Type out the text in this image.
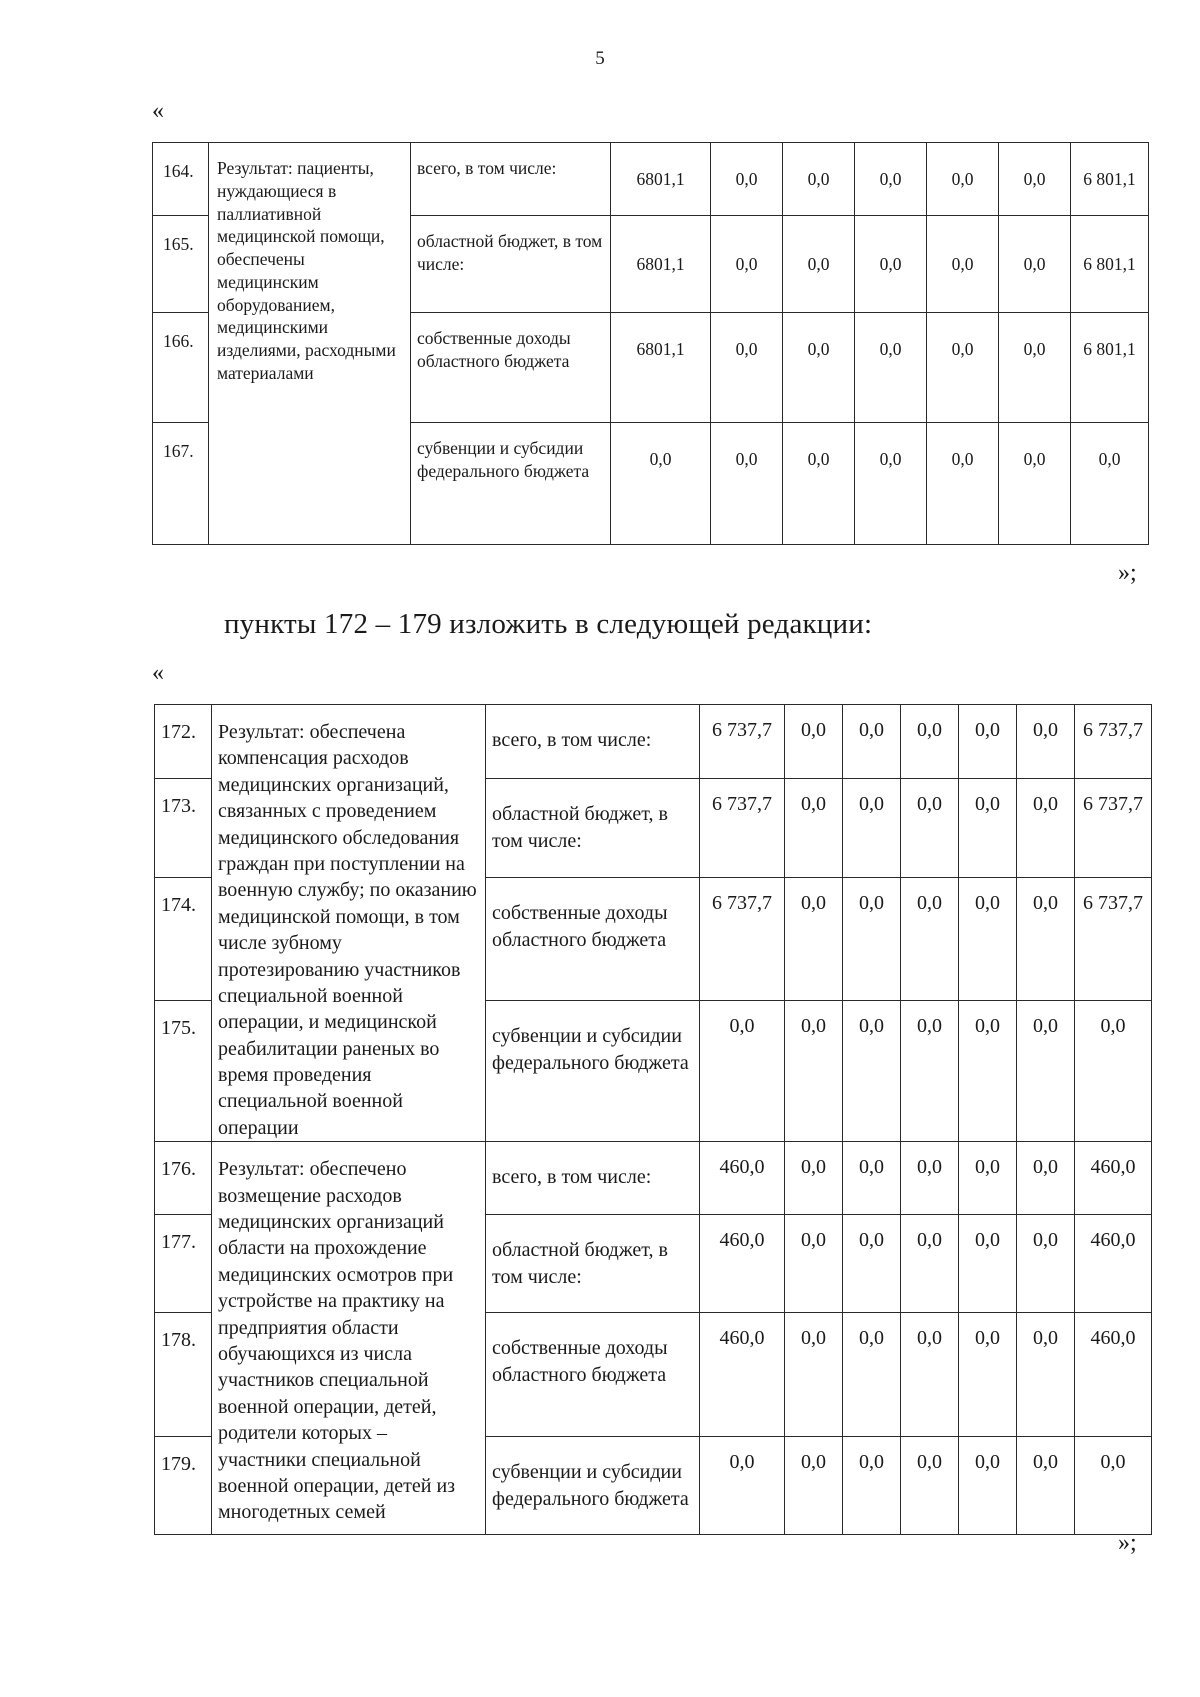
5
«
164.	Результат: пациенты, нуждающиеся в паллиативной медицинской помощи, обеспечены медицинским оборудованием, медицинскими изделиями, расходными материалами	всего, в том числе:	6801,1	0,0	0,0	0,0	0,0	0,0	6 801,1
165.		областной бюджет, в том числе:	6801,1	0,0	0,0	0,0	0,0	0,0	6 801,1
166.		собственные доходы областного бюджета	6801,1	0,0	0,0	0,0	0,0	0,0	6 801,1
167.		субвенции и субсидии федерального бюджета	0,0	0,0	0,0	0,0	0,0	0,0	0,0
»;
пункты 172 – 179 изложить в следующей редакции:
«
172.	Результат: обеспечена компенсация расходов медицинских организаций, связанных с проведением медицинского обследования граждан при поступлении на военную службу; по оказанию медицинской помощи, в том числе зубному протезированию участников специальной военной операции, и медицинской реабилитации раненых во время проведения специальной военной операции	всего, в том числе:	6 737,7	0,0	0,0	0,0	0,0	0,0	6 737,7
173.		областной бюджет, в том числе:	6 737,7	0,0	0,0	0,0	0,0	0,0	6 737,7
174.		собственные доходы областного бюджета	6 737,7	0,0	0,0	0,0	0,0	0,0	6 737,7
175.		субвенции и субсидии федерального бюджета	0,0	0,0	0,0	0,0	0,0	0,0	0,0
176.	Результат: обеспечено возмещение расходов медицинских организаций области на прохождение медицинских осмотров при устройстве на практику на предприятия области обучающихся из числа участников специальной военной операции, детей, родители которых – участники специальной военной операции, детей из многодетных семей	всего, в том числе:	460,0	0,0	0,0	0,0	0,0	0,0	460,0
177.		областной бюджет, в том числе:	460,0	0,0	0,0	0,0	0,0	0,0	460,0
178.		собственные доходы областного бюджета	460,0	0,0	0,0	0,0	0,0	0,0	460,0
179.		субвенции и субсидии федерального бюджета	0,0	0,0	0,0	0,0	0,0	0,0	0,0
»;
